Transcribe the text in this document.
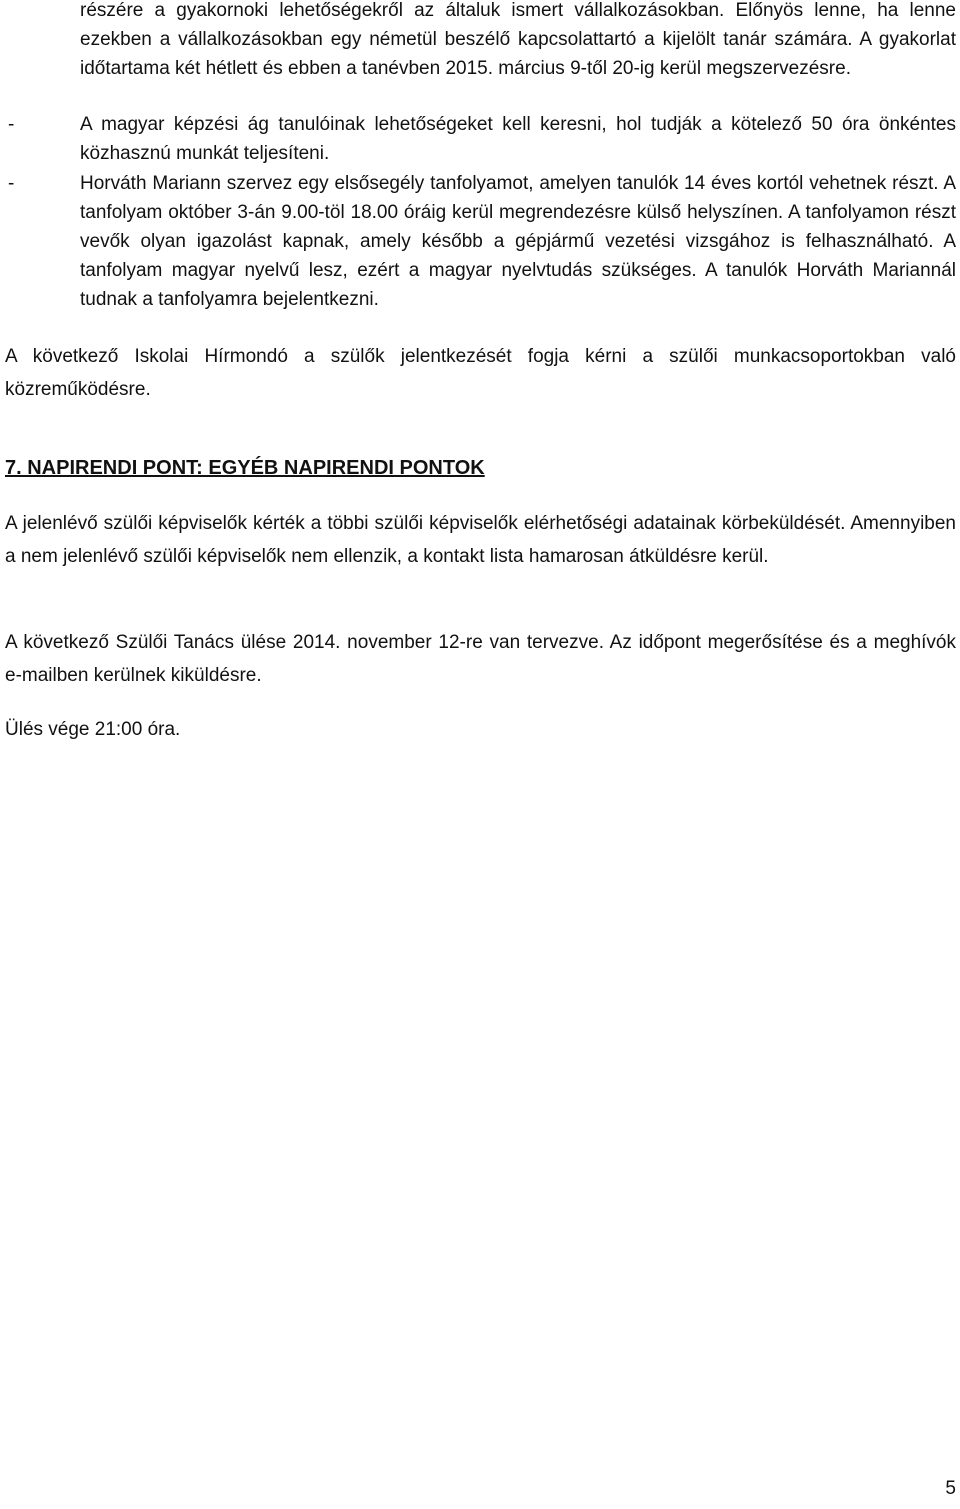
részére a gyakornoki lehetőségekről az általuk ismert vállalkozásokban. Előnyös lenne, ha lenne ezekben a vállalkozásokban egy németül beszélő kapcsolattartó a kijelölt tanár számára. A gyakorlat időtartama két hétlett és ebben a tanévben 2015. március 9-től 20-ig kerül megszervezésre.

-	A magyar képzési ág tanulóinak lehetőségeket kell keresni, hol tudják a kötelező 50 óra önkéntes közhasznú munkát teljesíteni.
-	Horváth Mariann szervez egy elsősegély tanfolyamot, amelyen tanulók 14 éves kortól vehetnek részt. A tanfolyam október 3-án 9.00-töl 18.00 óráig kerül megrendezésre külső helyszínen. A tanfolyamon részt vevők olyan igazolást kapnak, amely később a gépjármű vezetési vizsgához is felhasználható. A tanfolyam magyar nyelvű lesz, ezért a magyar nyelvtudás szükséges. A tanulók Horváth Mariannál tudnak a tanfolyamra bejelentkezni.

A következő Iskolai Hírmondó a szülők jelentkezését fogja kérni a szülői munkacsoportokban való közreműködésre.

7. NAPIRENDI PONT: EGYÉB NAPIRENDI PONTOK

A jelenlévő szülői képviselők kérték a többi szülői képviselők elérhetőségi adatainak körbeküldését. Amennyiben a nem jelenlévő szülői képviselők nem ellenzik, a kontakt lista hamarosan átküldésre kerül.

A következő Szülői Tanács ülése 2014. november 12-re van tervezve. Az időpont megerősítése és a meghívók e-mailben kerülnek kiküldésre.

Ülés vége 21:00 óra.

5
